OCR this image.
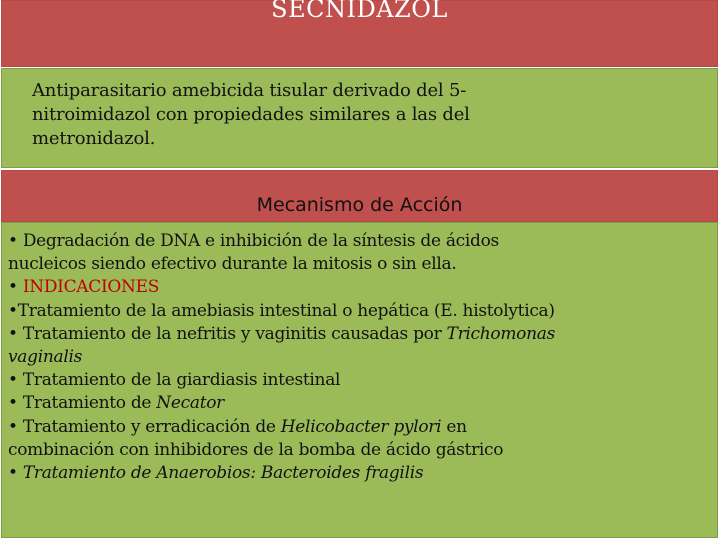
SECNIDAZOL
Antiparasitario amebicida tisular derivado del 5-
nitroimidazol con propiedades similares a las del
metronidazol.
Mecanismo de Acción
• Degradación de DNA e inhibición de la síntesis de ácidos
nucleicos siendo efectivo durante la mitosis o sin ella.
• INDICACIONES
•Tratamiento de la amebiasis intestinal o hepática (E. histolytica)
• Tratamiento de la nefritis y vaginitis causadas por Trichomonas
vaginalis
• Tratamiento de la giardiasis intestinal
• Tratamiento de Necator
• Tratamiento y erradicación de Helicobacter pylori en
combinación con inhibidores de la bomba de ácido gástrico
• Tratamiento de Anaerobios: Bacteroides fragilis
